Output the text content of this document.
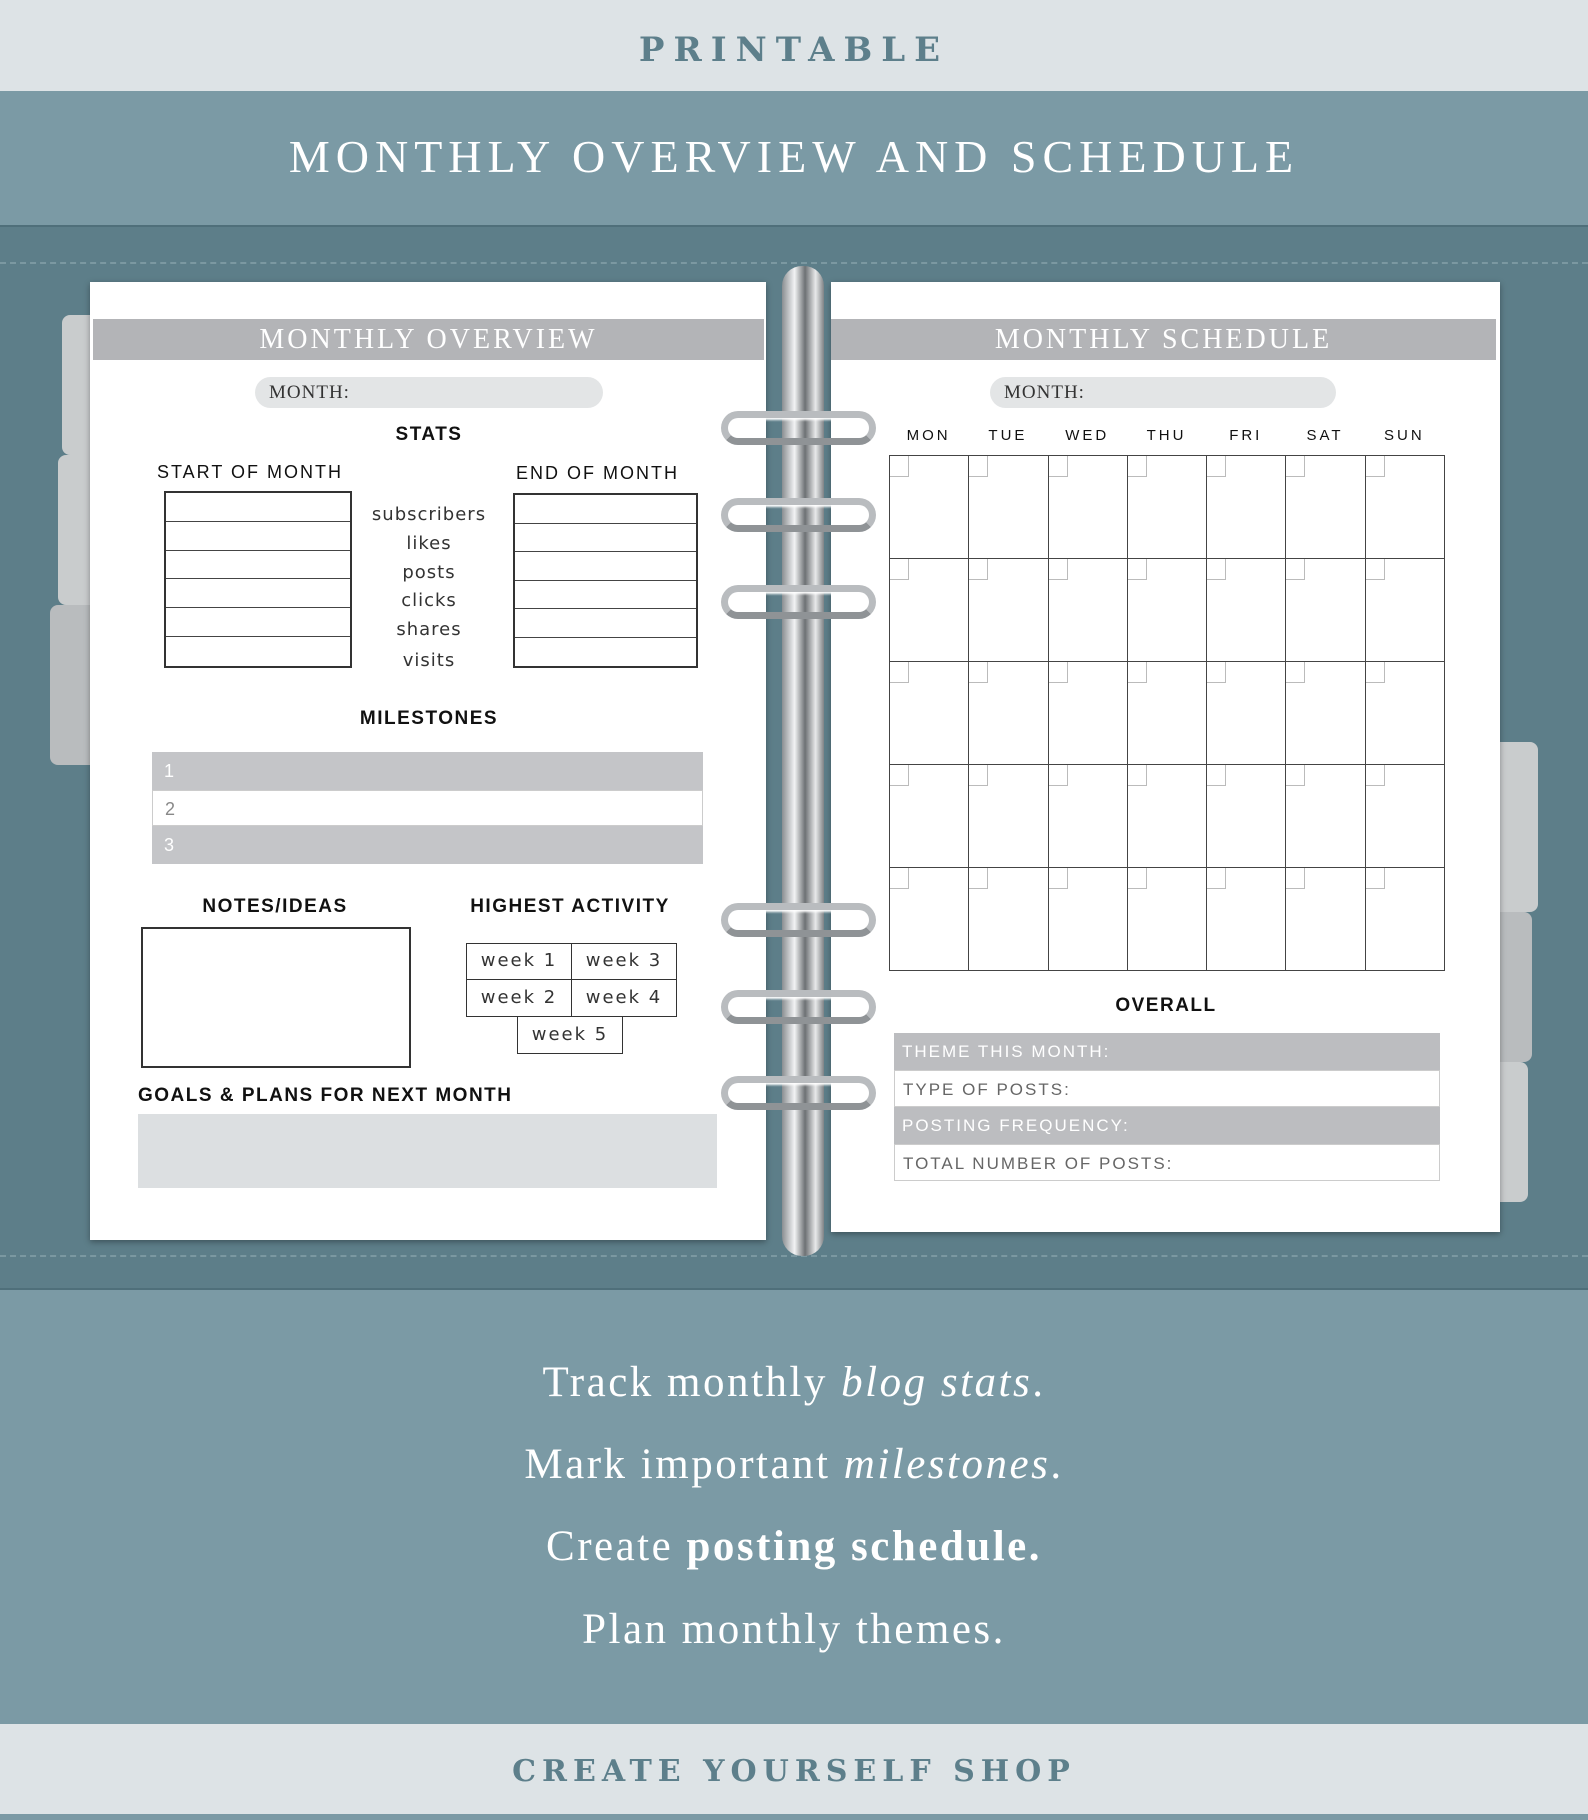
PRINTABLE
MONTHLY OVERVIEW AND SCHEDULE
MONTHLY OVERVIEW
MONTH:
STATS
START OF MONTH	END OF MONTH
subscribers
likes
posts
clicks
shares
visits
MILESTONES
1
2
3
NOTES/IDEAS	HIGHEST ACTIVITY
week 1	week 3
week 2	week 4
week 5
GOALS & PLANS FOR NEXT MONTH
MONTHLY SCHEDULE
MONTH:
MON	TUE	WED	THU	FRI	SAT	SUN
OVERALL
THEME THIS MONTH:
TYPE OF POSTS:
POSTING FREQUENCY:
TOTAL NUMBER OF POSTS:
Track monthly blog stats.
Mark important milestones.
Create posting schedule.
Plan monthly themes.
CREATE YOURSELF SHOP
